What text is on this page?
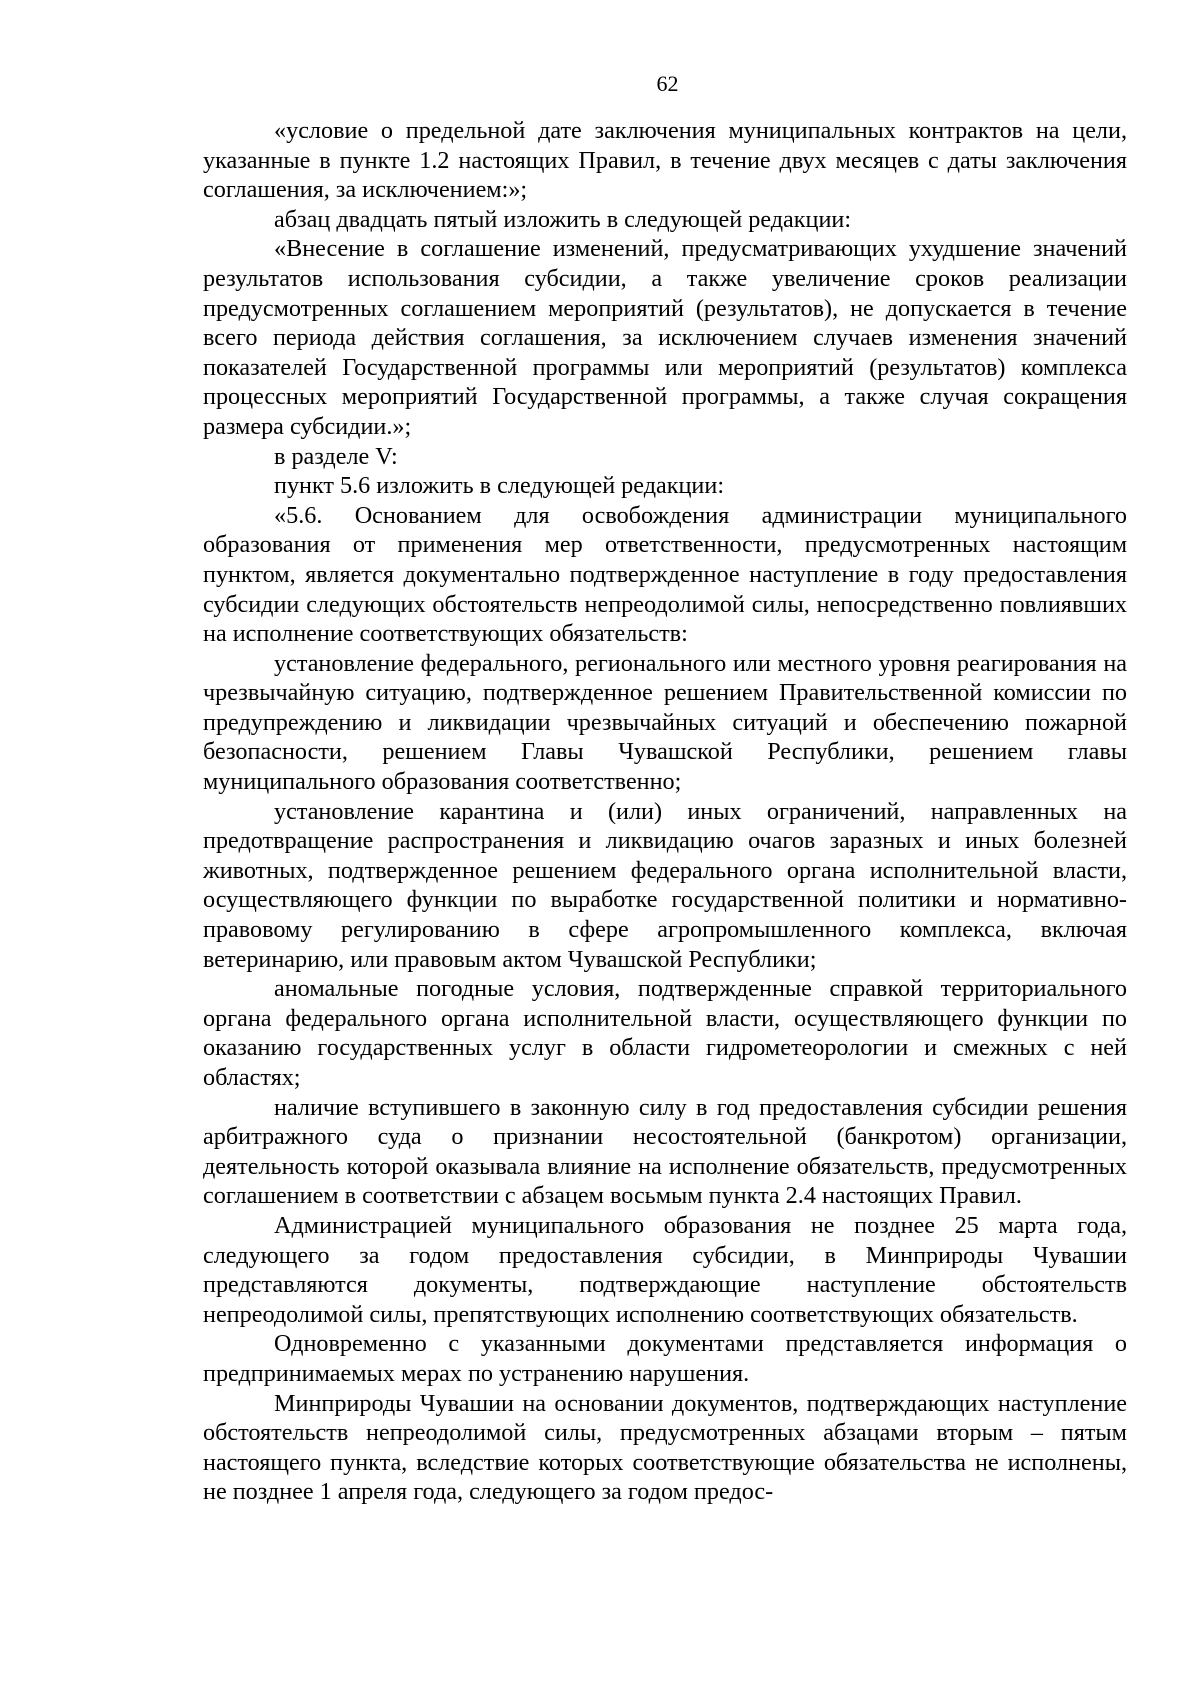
62

«условие о предельной дате заключения муниципальных контрактов на цели, указанные в пункте 1.2 настоящих Правил, в течение двух месяцев с даты заключения соглашения, за исключением:»;

абзац двадцать пятый изложить в следующей редакции:

«Внесение в соглашение изменений, предусматривающих ухудшение значений результатов использования субсидии, а также увеличение сроков реализации предусмотренных соглашением мероприятий (результатов), не допускается в течение всего периода действия соглашения, за исключением случаев изменения значений показателей Государственной программы или мероприятий (результатов) комплекса процессных мероприятий Государственной программы, а также случая сокращения размера субсидии.»;

в разделе V:

пункт 5.6 изложить в следующей редакции:

«5.6. Основанием для освобождения администрации муниципального образования от применения мер ответственности, предусмотренных настоящим пунктом, является документально подтвержденное наступление в году предоставления субсидии следующих обстоятельств непреодолимой силы, непосредственно повлиявших на исполнение соответствующих обязательств:

установление федерального, регионального или местного уровня реагирования на чрезвычайную ситуацию, подтвержденное решением Правительственной комиссии по предупреждению и ликвидации чрезвычайных ситуаций и обеспечению пожарной безопасности, решением Главы Чувашской Республики, решением главы муниципального образования соответственно;

установление карантина и (или) иных ограничений, направленных на предотвращение распространения и ликвидацию очагов заразных и иных болезней животных, подтвержденное решением федерального органа исполнительной власти, осуществляющего функции по выработке государственной политики и нормативно-правовому регулированию в сфере агропромышленного комплекса, включая ветеринарию, или правовым актом Чувашской Республики;

аномальные погодные условия, подтвержденные справкой территориального органа федерального органа исполнительной власти, осуществляющего функции по оказанию государственных услуг в области гидрометеорологии и смежных с ней областях;

наличие вступившего в законную силу в год предоставления субсидии решения арбитражного суда о признании несостоятельной (банкротом) организации, деятельность которой оказывала влияние на исполнение обязательств, предусмотренных соглашением в соответствии с абзацем восьмым пункта 2.4 настоящих Правил.

Администрацией муниципального образования не позднее 25 марта года, следующего за годом предоставления субсидии, в Минприроды Чувашии представляются документы, подтверждающие наступление обстоятельств непреодолимой силы, препятствующих исполнению соответствующих обязательств.

Одновременно с указанными документами представляется информация о предпринимаемых мерах по устранению нарушения.

Минприроды Чувашии на основании документов, подтверждающих наступление обстоятельств непреодолимой силы, предусмотренных абзацами вторым – пятым настоящего пункта, вследствие которых соответствующие обязательства не исполнены, не позднее 1 апреля года, следующего за годом предос-
